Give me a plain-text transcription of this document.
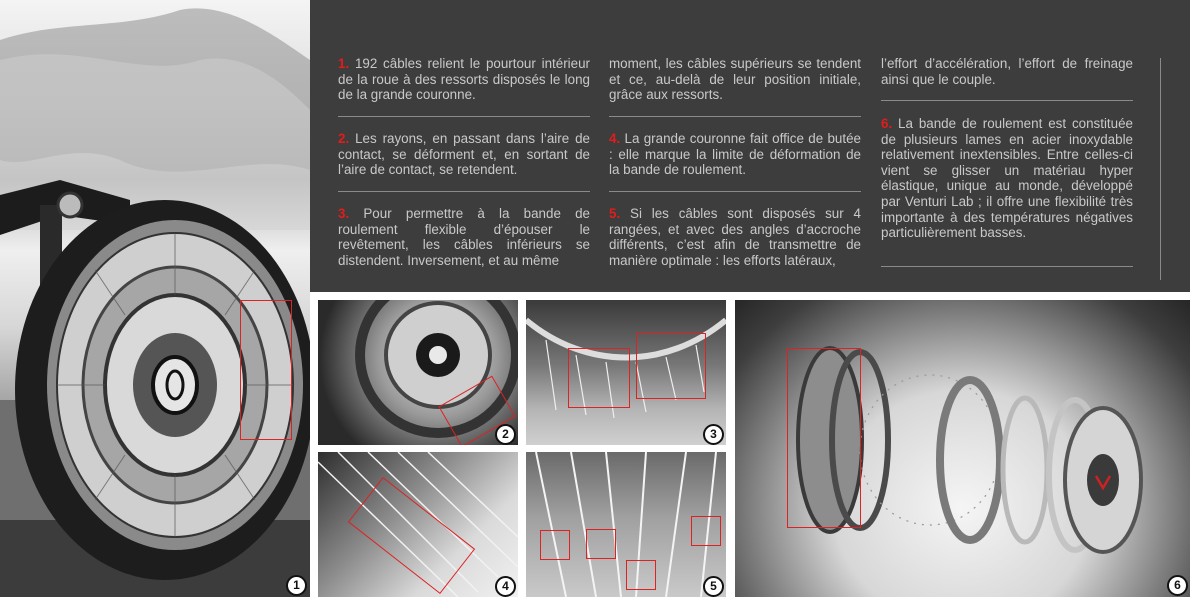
1
1. 192 câbles relient le pourtour intérieur de la roue à des ressorts disposés le long de la grande couronne.
2. Les rayons, en passant dans l’aire de contact, se déforment et, en sortant de l’aire de contact, se retendent.
3. Pour permettre à la bande de roulement flexible d’épouser le revêtement, les câbles inférieurs se distendent. Inversement, et au même
moment, les câbles supérieurs se tendent et ce, au-delà de leur position initiale, grâce aux ressorts.
4. La grande couronne fait office de butée : elle marque la limite de déformation de la bande de roulement.
5. Si les câbles sont disposés sur 4 rangées, et avec des angles d’accroche différents, c’est afin de transmettre de manière optimale : les efforts latéraux,
l’effort d’accélération, l’effort de freinage ainsi que le couple.
6. La bande de roulement est constituée de plusieurs lames en acier inoxydable relativement inextensibles. Entre celles-ci vient se glisser un matériau hyper élastique, unique au monde, développé par Venturi Lab ; il offre une flexibilité très importante à des températures négatives particulièrement basses.
2	3
4	5	6
